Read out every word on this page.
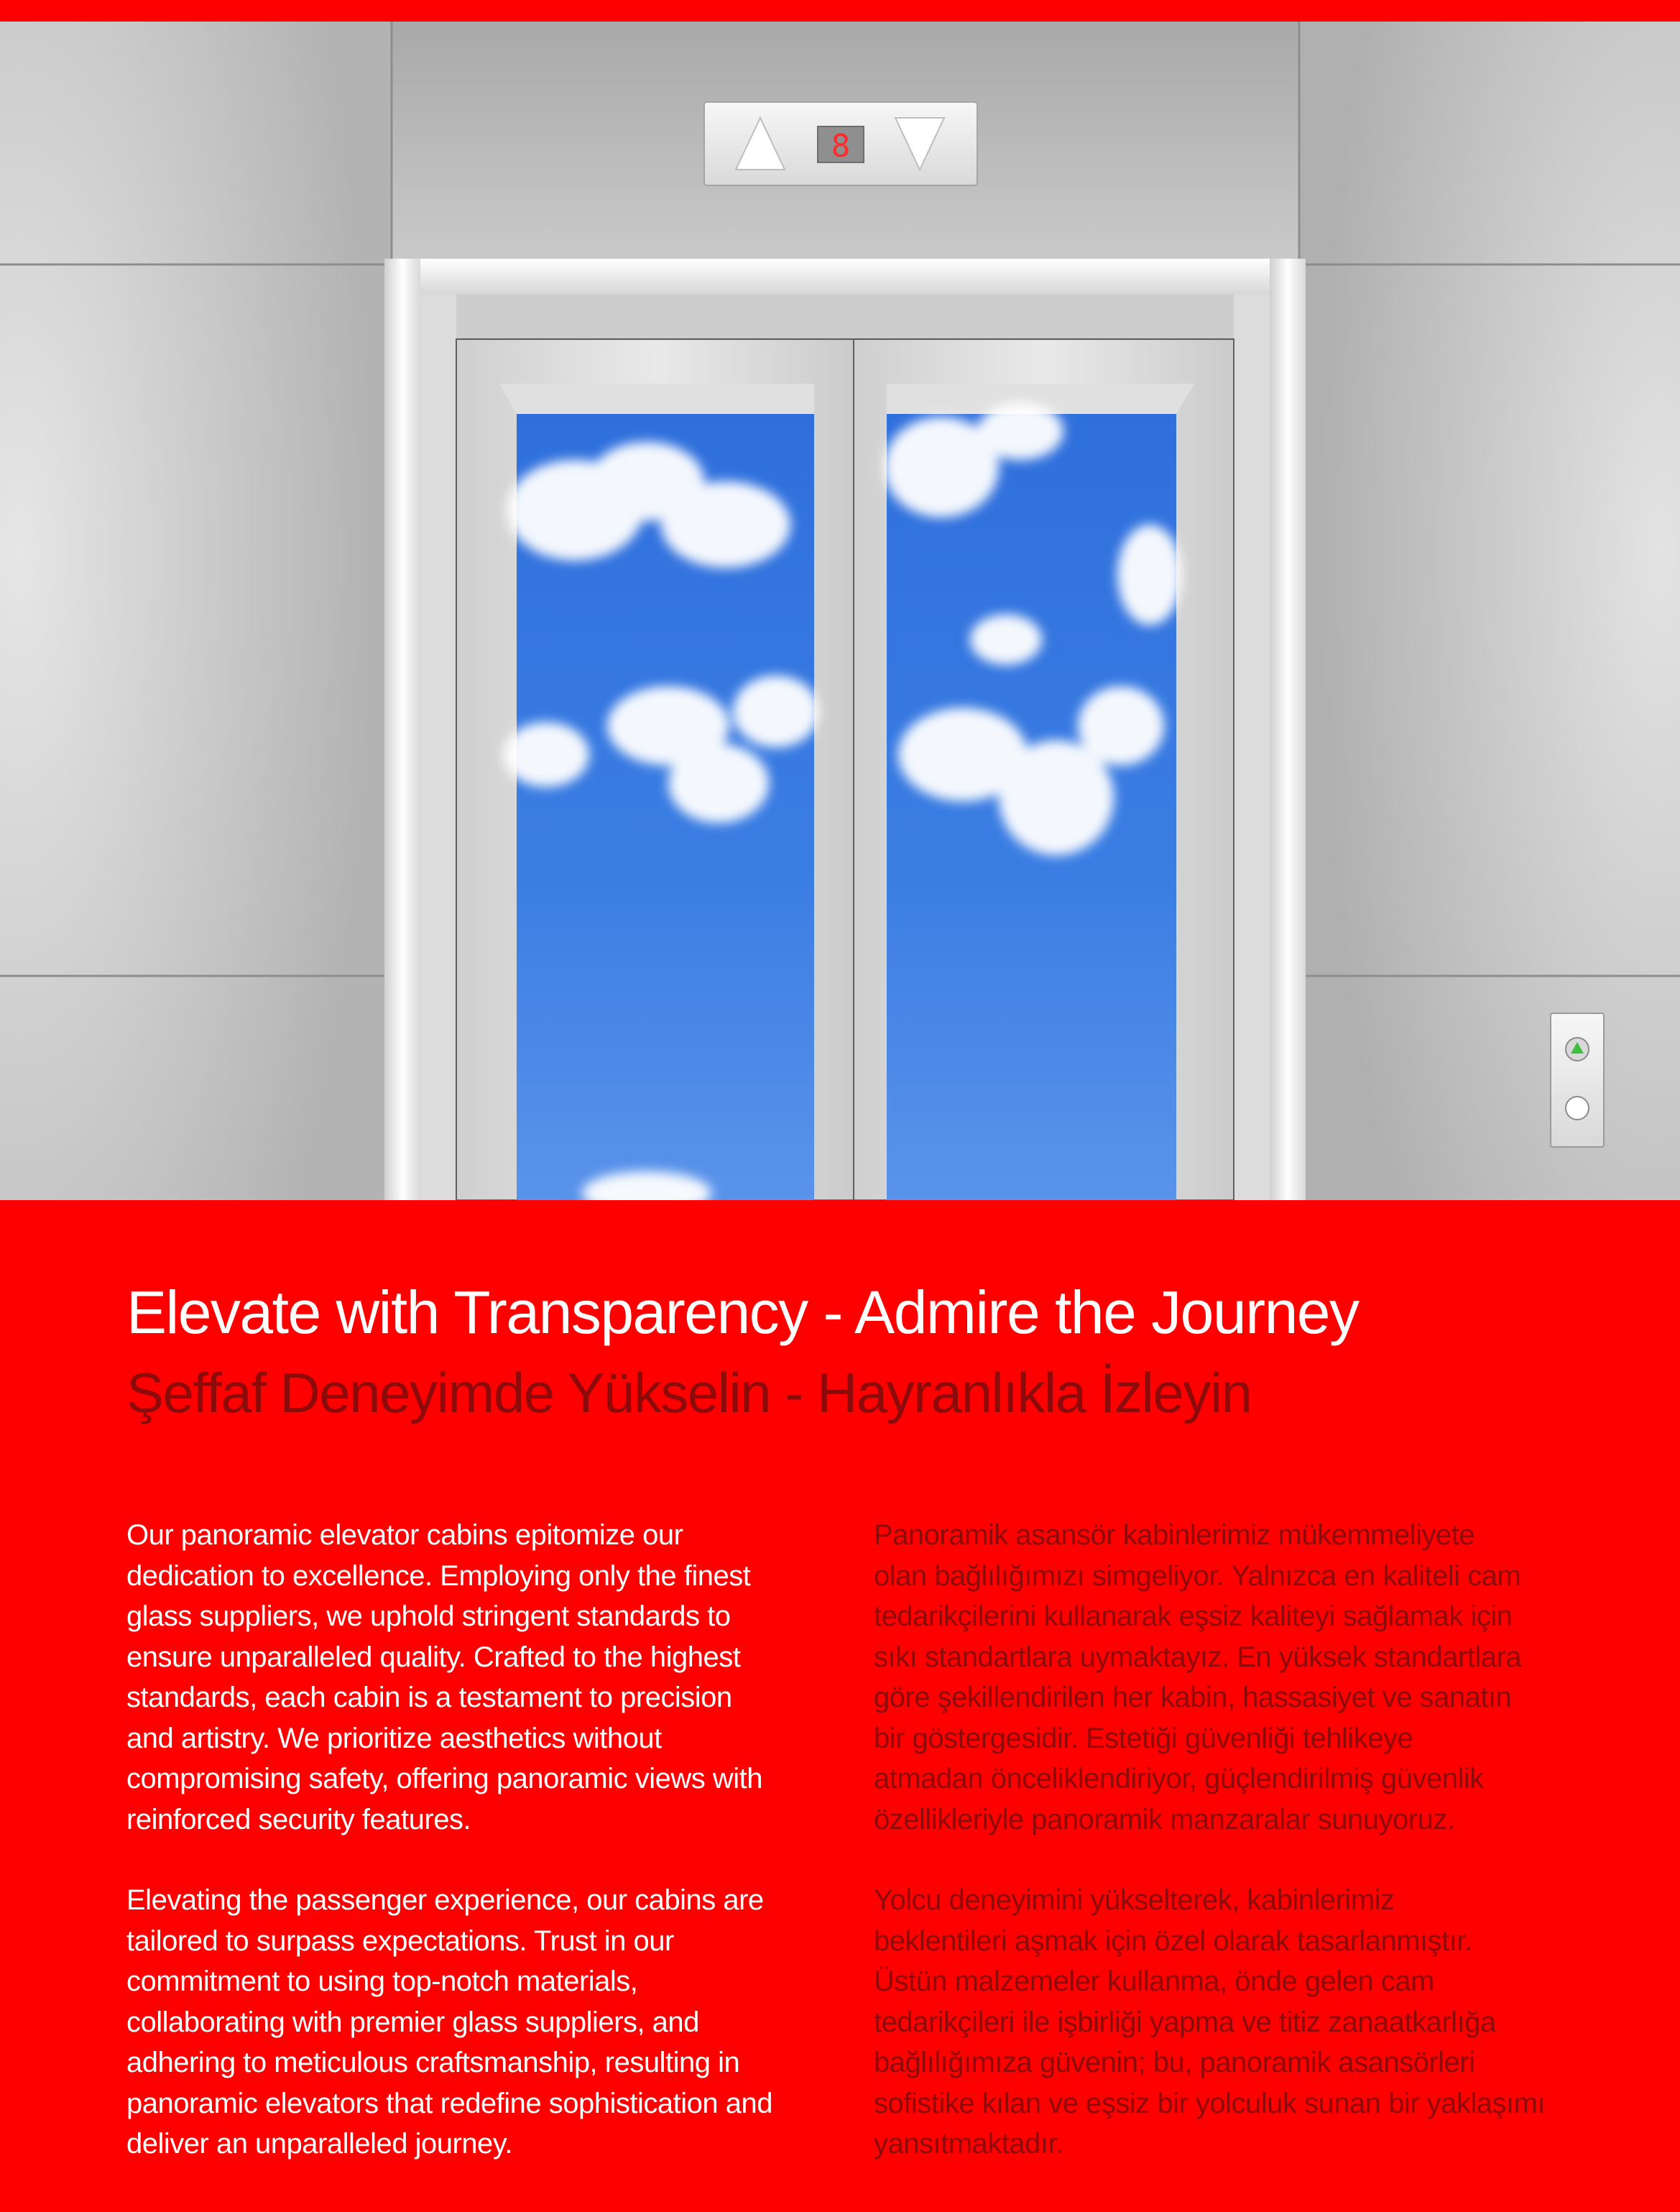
8
Elevate with Transparency - Admire the Journey
Şeffaf Deneyimde Yükselin - Hayranlıkla İzleyin

Our panoramic elevator cabins epitomize our
dedication to excellence. Employing only the finest
glass suppliers, we uphold stringent standards to
ensure unparalleled quality. Crafted to the highest
standards, each cabin is a testament to precision
and artistry. We prioritize aesthetics without
compromising safety, offering panoramic views with
reinforced security features.

Elevating the passenger experience, our cabins are
tailored to surpass expectations. Trust in our
commitment to using top-notch materials,
collaborating with premier glass suppliers, and
adhering to meticulous craftsmanship, resulting in
panoramic elevators that redefine sophistication and
deliver an unparalleled journey.

Panoramik asansör kabinlerimiz mükemmeliyete
olan bağlılığımızı simgeliyor. Yalnızca en kaliteli cam
tedarikçilerini kullanarak eşsiz kaliteyi sağlamak için
sıkı standartlara uymaktayız. En yüksek standartlara
göre şekillendirilen her kabin, hassasiyet ve sanatın
bir göstergesidir. Estetiği güvenliği tehlikeye
atmadan önceliklendiriyor, güçlendirilmiş güvenlik
özellikleriyle panoramik manzaralar sunuyoruz.

Yolcu deneyimini yükselterek, kabinlerimiz
beklentileri aşmak için özel olarak tasarlanmıştır.
Üstün malzemeler kullanma, önde gelen cam
tedarikçileri ile işbirliği yapma ve titiz zanaatkarlığa
bağlılığımıza güvenin; bu, panoramik asansörleri
sofistike kılan ve eşsiz bir yolculuk sunan bir yaklaşımı
yansıtmaktadır.
